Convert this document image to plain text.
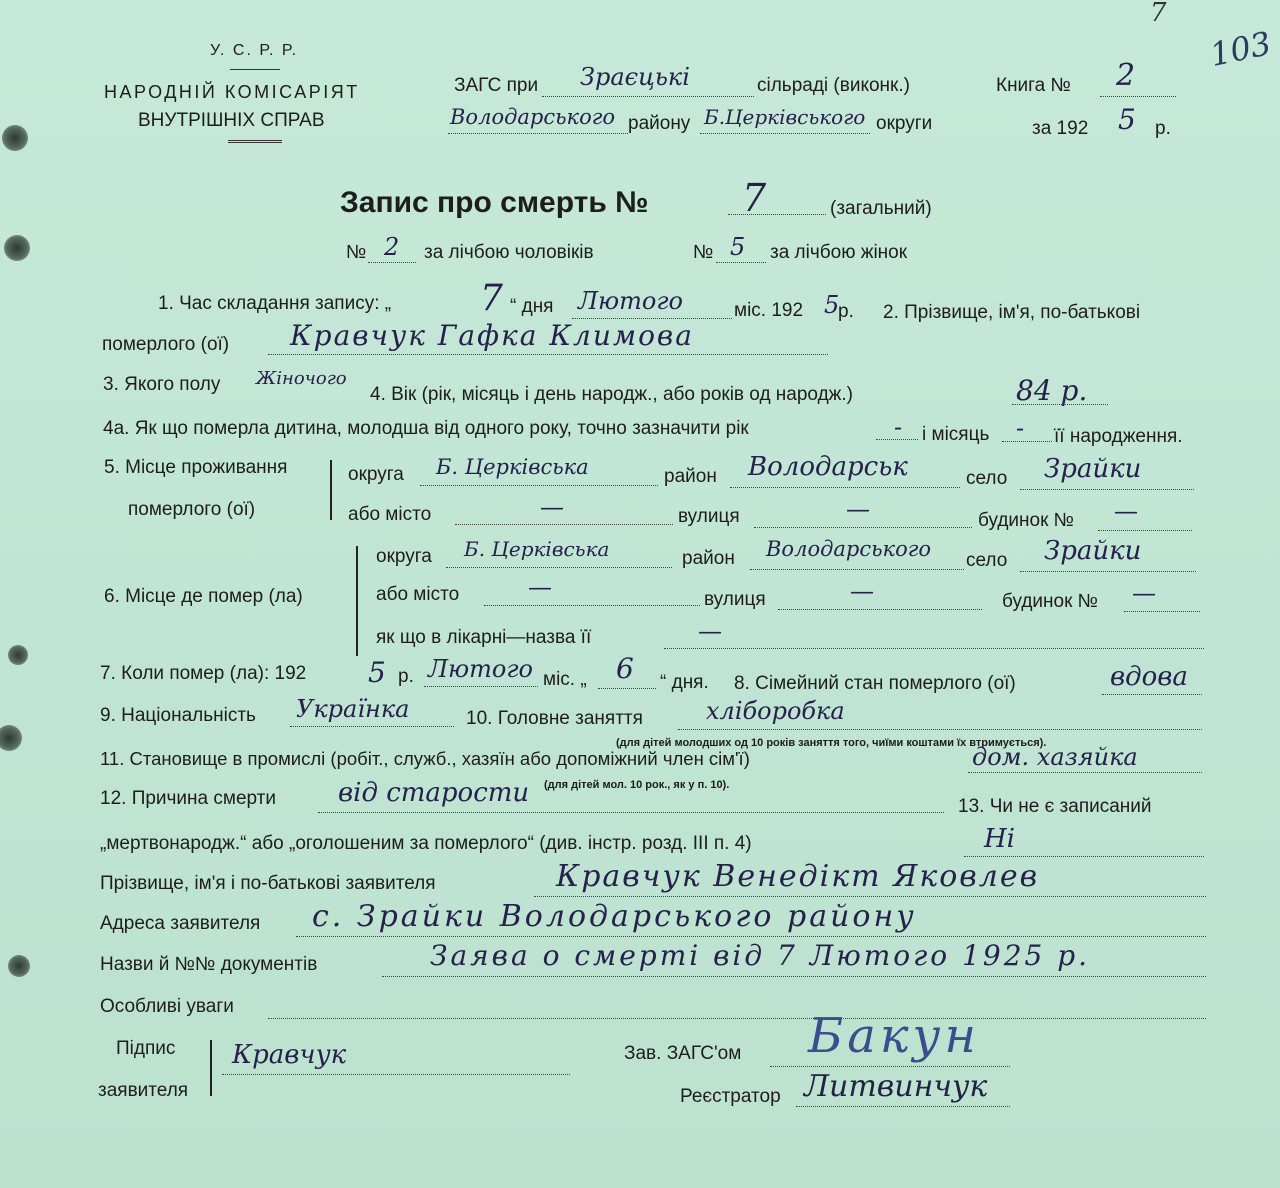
103
7
У. С. Р. Р.
НАРОДНІЙ КОМІСАРІЯТ
ВНУТРІШНІХ СПРАВ
ЗАГС при Зраєцькі	сільраді (виконк.)
Володарського району Б.Церківського округи
Книга № 2
за 192 5 р.
Запис про смерть № 7	(загальний)
№ 2 за лічбою чоловіків	№ 5 за лічбою жінок
1. Час складання запису: „ 7 “ дня Лютого	міс. 192 5
р. 2. Прізвище, ім'я, по-батькові
померлого (ої) Кравчук Гафка Климова
3. Якого полу Жіночого
4. Вік (рік, місяць і день народж., або років од народж.)	84 р.
4а. Як що померла дитина, молодша від одного року, точно зазначити рік	- і місяць - її народження.
5. Місце проживання
померлого (ої)
округа Б. Церківська	район Володарськ	село Зрайки
або місто	—	вулиця	—	будинок № —
6. Місце де помер (ла)
округа Б. Церківська	район Володарського село Зрайки
або місто	—	вулиця	—	будинок № —
як що в лікарні—назва її	—
7. Коли помер (ла): 192 5 р. Лютого міс. „ 6 “ дня. 8. Сімейний стан померлого (ої)	вдова
9. Національність Українка	10. Головне заняття	хліборобка
(для дітей молодших од 10 років заняття того, чиїми коштами їх втримується).
11. Становище в промислі (робіт., служб., хазяїн або допоміжний член сім'ї)	дом. хазяйка
12. Причина смерти від старости (для дітей мол. 10 рок., як у п. 10).
13. Чи не є записаний
„мертвонародж.“ або „оголошеним за померлого“ (див. інстр. розд. III п. 4)	Ні
Прізвище, ім'я і по-батькові заявителя	Кравчук Венедікт Яковлев
Адреса заявителя с. Зрайки Володарського району
Назви й №№ документів	Заява о смерті від 7 Лютого 1925 р.
Особливі уваги
Підпис
заявителя
Кравчук	Зав. ЗАГС'ом Бакун
Реєстратор Литвинчук
